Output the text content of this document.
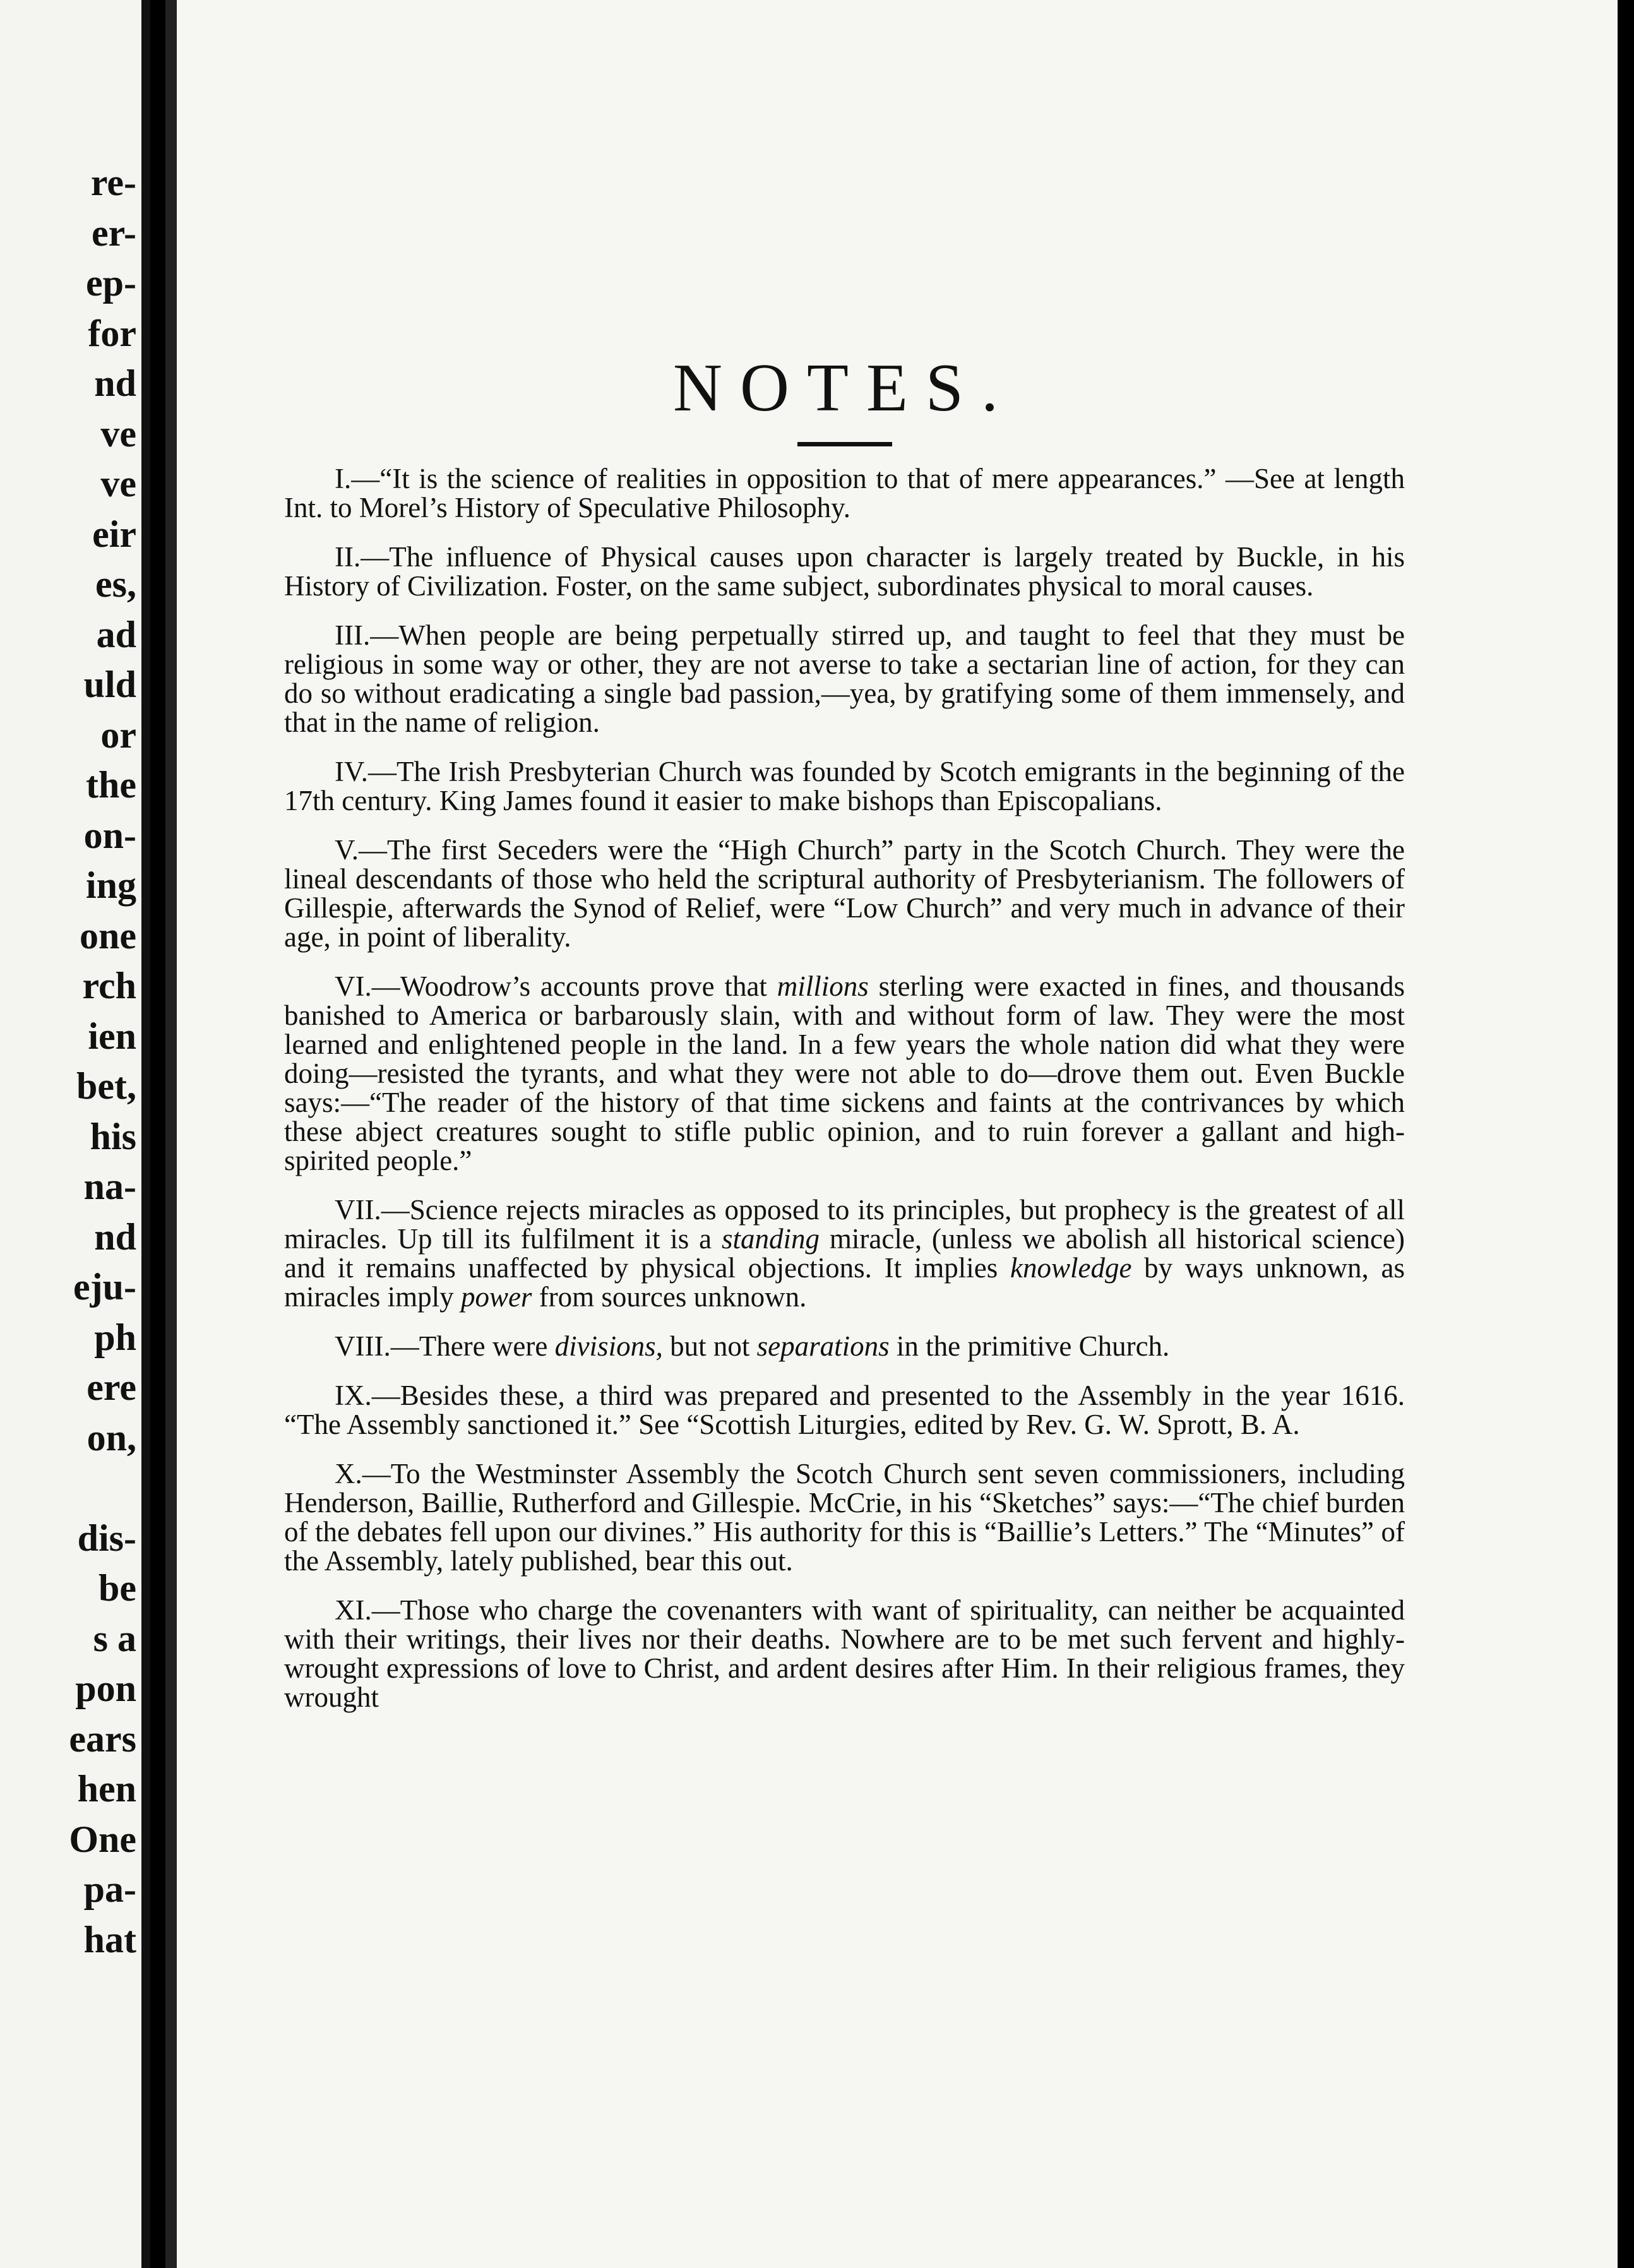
re-
er-
ep-
for
nd
ve
ve
eir
es,
ad
uld
or
the
on-
ing
one
rch
ien
bet,
his
na-
nd
eju-
ph
ere
on,
dis-
be
s a
pon
ears
hen
One
pa-
hat
NOTES.

I.—“It is the science of realities in opposition to that of mere appearances.” —See at length Int. to Morel’s History of Speculative Philosophy.

II.—The influence of Physical causes upon character is largely treated by Buckle, in his History of Civilization. Foster, on the same subject, subordinates physical to moral causes.

III.—When people are being perpetually stirred up, and taught to feel that they must be religious in some way or other, they are not averse to take a sectarian line of action, for they can do so without eradicating a single bad passion,—yea, by gratifying some of them immensely, and that in the name of religion.

IV.—The Irish Presbyterian Church was founded by Scotch emigrants in the beginning of the 17th century. King James found it easier to make bishops than Episcopalians.

V.—The first Seceders were the “High Church” party in the Scotch Church. They were the lineal descendants of those who held the scriptural authority of Presbyterianism. The followers of Gillespie, afterwards the Synod of Relief, were “Low Church” and very much in advance of their age, in point of liberality.

VI.—Woodrow’s accounts prove that millions sterling were exacted in fines, and thousands banished to America or barbarously slain, with and without form of law. They were the most learned and enlightened people in the land. In a few years the whole nation did what they were doing—resisted the tyrants, and what they were not able to do—drove them out. Even Buckle says:—“The reader of the history of that time sickens and faints at the contrivances by which these abject creatures sought to stifle public opinion, and to ruin forever a gallant and high-spirited people.”

VII.—Science rejects miracles as opposed to its principles, but prophecy is the greatest of all miracles. Up till its fulfilment it is a standing miracle, (unless we abolish all historical science) and it remains unaffected by physical objections. It implies knowledge by ways unknown, as miracles imply power from sources unknown.

VIII.—There were divisions, but not separations in the primitive Church.

IX.—Besides these, a third was prepared and presented to the Assembly in the year 1616. “The Assembly sanctioned it.” See “Scottish Liturgies, edited by Rev. G. W. Sprott, B. A.

X.—To the Westminster Assembly the Scotch Church sent seven commissioners, including Henderson, Baillie, Rutherford and Gillespie. McCrie, in his “Sketches” says:—“The chief burden of the debates fell upon our divines.” His authority for this is “Baillie’s Letters.” The “Minutes” of the Assembly, lately published, bear this out.

XI.—Those who charge the covenanters with want of spirituality, can neither be acquainted with their writings, their lives nor their deaths. Nowhere are to be met such fervent and highly-wrought expressions of love to Christ, and ardent desires after Him. In their religious frames, they wrought
